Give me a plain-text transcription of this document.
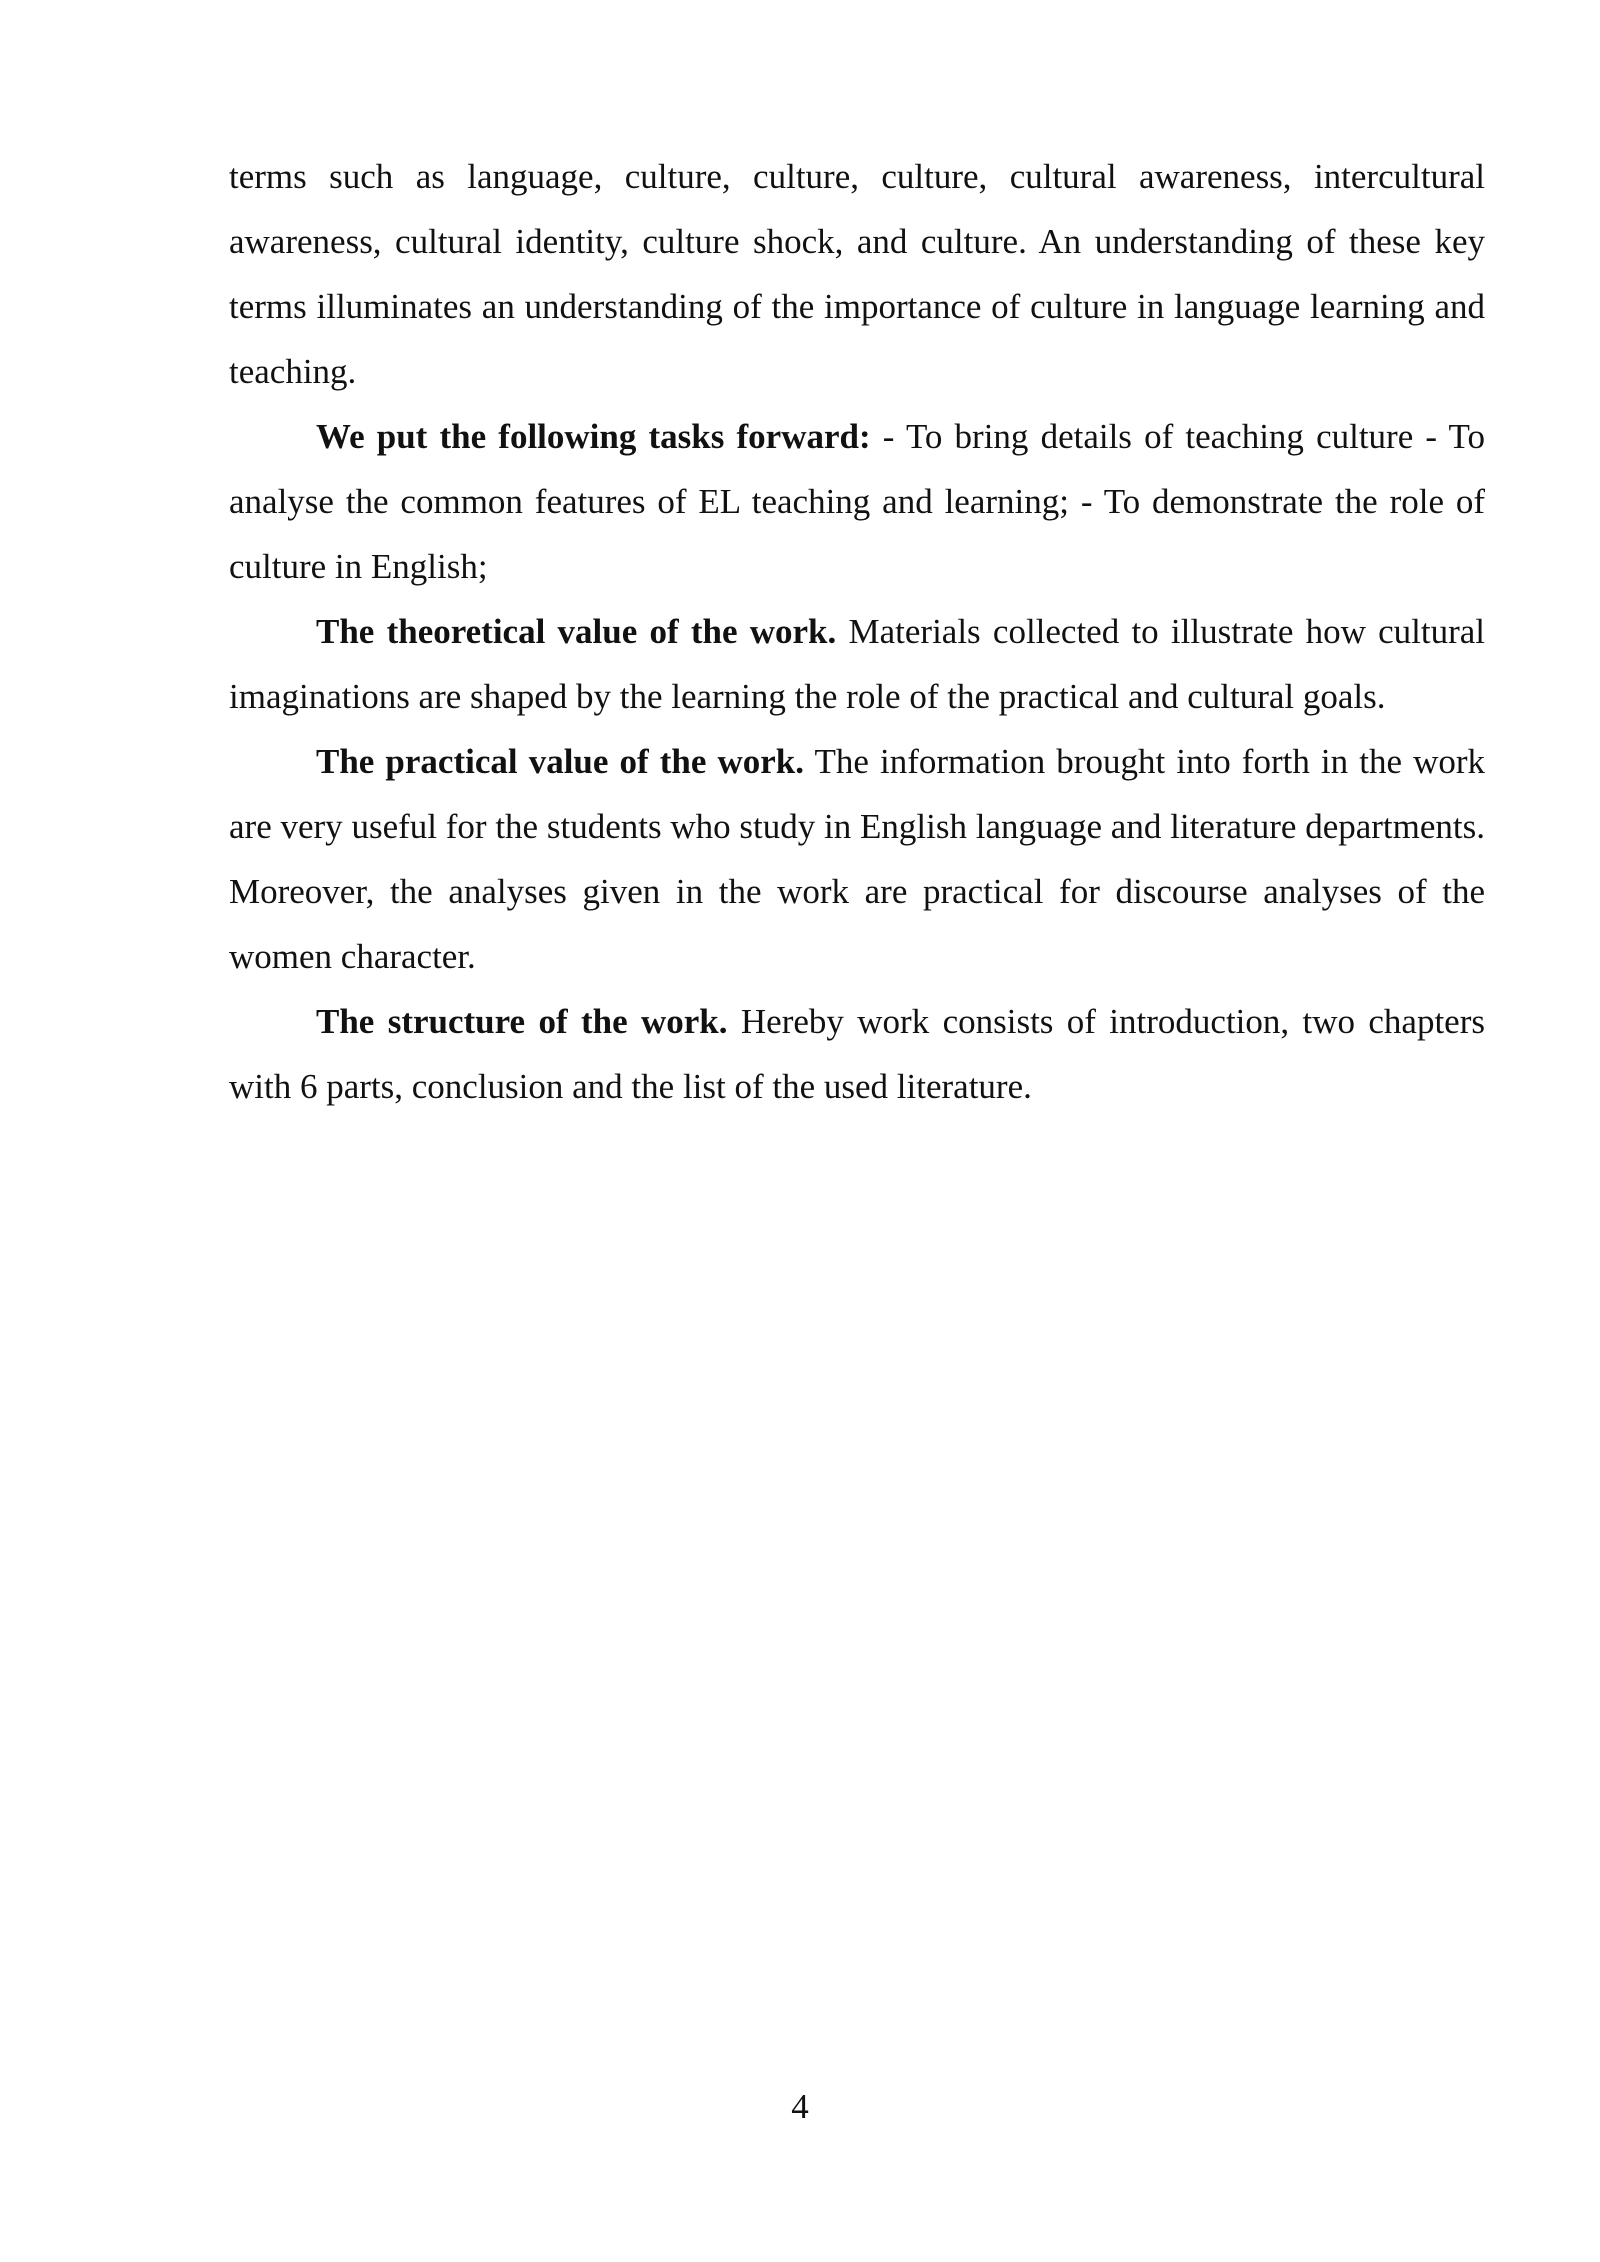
terms such as language, culture, culture, culture, cultural awareness, intercultural awareness, cultural identity, culture shock, and culture. An understanding of these key terms illuminates an understanding of the importance of culture in language learning and teaching.

We put the following tasks forward: - To bring details of teaching culture - To analyse the common features of EL teaching and learning; - To demonstrate the role of culture in English;

The theoretical value of the work. Materials collected to illustrate how cultural imaginations are shaped by the learning the role of the practical and cultural goals.

The practical value of the work. The information brought into forth in the work are very useful for the students who study in English language and literature departments. Moreover, the analyses given in the work are practical for discourse analyses of the women character.

The structure of the work. Hereby work consists of introduction, two chapters with 6 parts, conclusion and the list of the used literature.

4
